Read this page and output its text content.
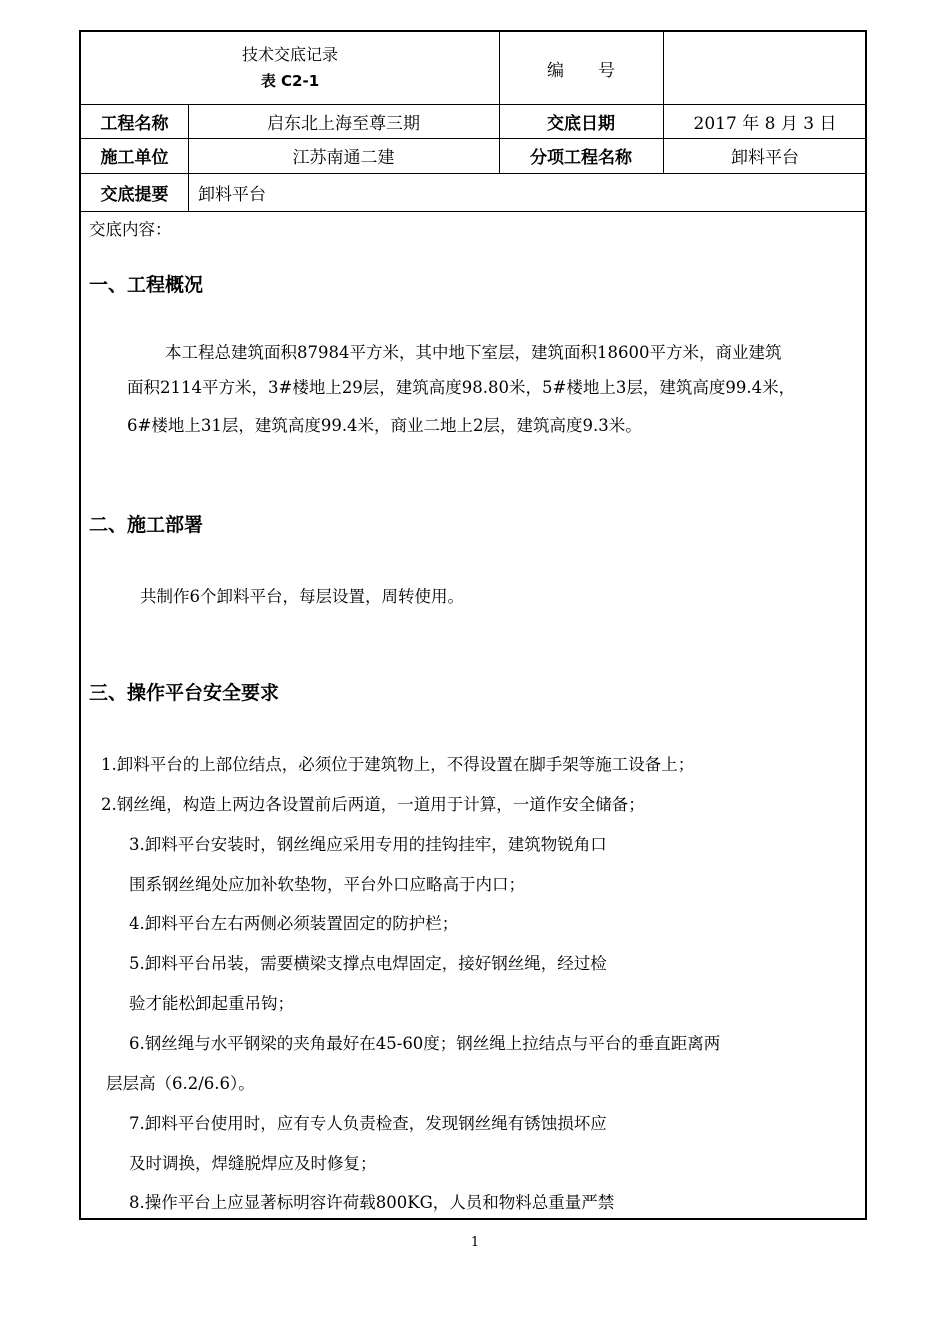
技术交底记录
表 C2-1
编　　号
工程名称	启东北上海至尊三期	交底日期	2017 年 8 月 3 日
施工单位	江苏南通二建	分项工程名称	卸料平台
交底提要	卸料平台
交底内容：
一、工程概况
本工程总建筑面积87984平方米，其中地下室层，建筑面积18600平方米，商业建筑
面积2114平方米，3#楼地上29层，建筑高度98.80米，5#楼地上3层，建筑高度99.4米，
6#楼地上31层，建筑高度99.4米，商业二地上2层，建筑高度9.3米。
二、施工部署
共制作6个卸料平台，每层设置，周转使用。
三、操作平台安全要求
1.卸料平台的上部位结点，必须位于建筑物上，不得设置在脚手架等施工设备上；
2.钢丝绳，构造上两边各设置前后两道，一道用于计算，一道作安全储备；
3.卸料平台安装时，钢丝绳应采用专用的挂钩挂牢，建筑物锐角口
围系钢丝绳处应加补软垫物，平台外口应略高于内口；
4.卸料平台左右两侧必须装置固定的防护栏；
5.卸料平台吊装，需要横梁支撑点电焊固定，接好钢丝绳，经过检
验才能松卸起重吊钩；
6.钢丝绳与水平钢梁的夹角最好在45-60度；钢丝绳上拉结点与平台的垂直距离两
层层高（6.2/6.6）。
7.卸料平台使用时，应有专人负责检查，发现钢丝绳有锈蚀损坏应
及时调换，焊缝脱焊应及时修复；
8.操作平台上应显著标明容许荷载800KG，人员和物料总重量严禁
1
